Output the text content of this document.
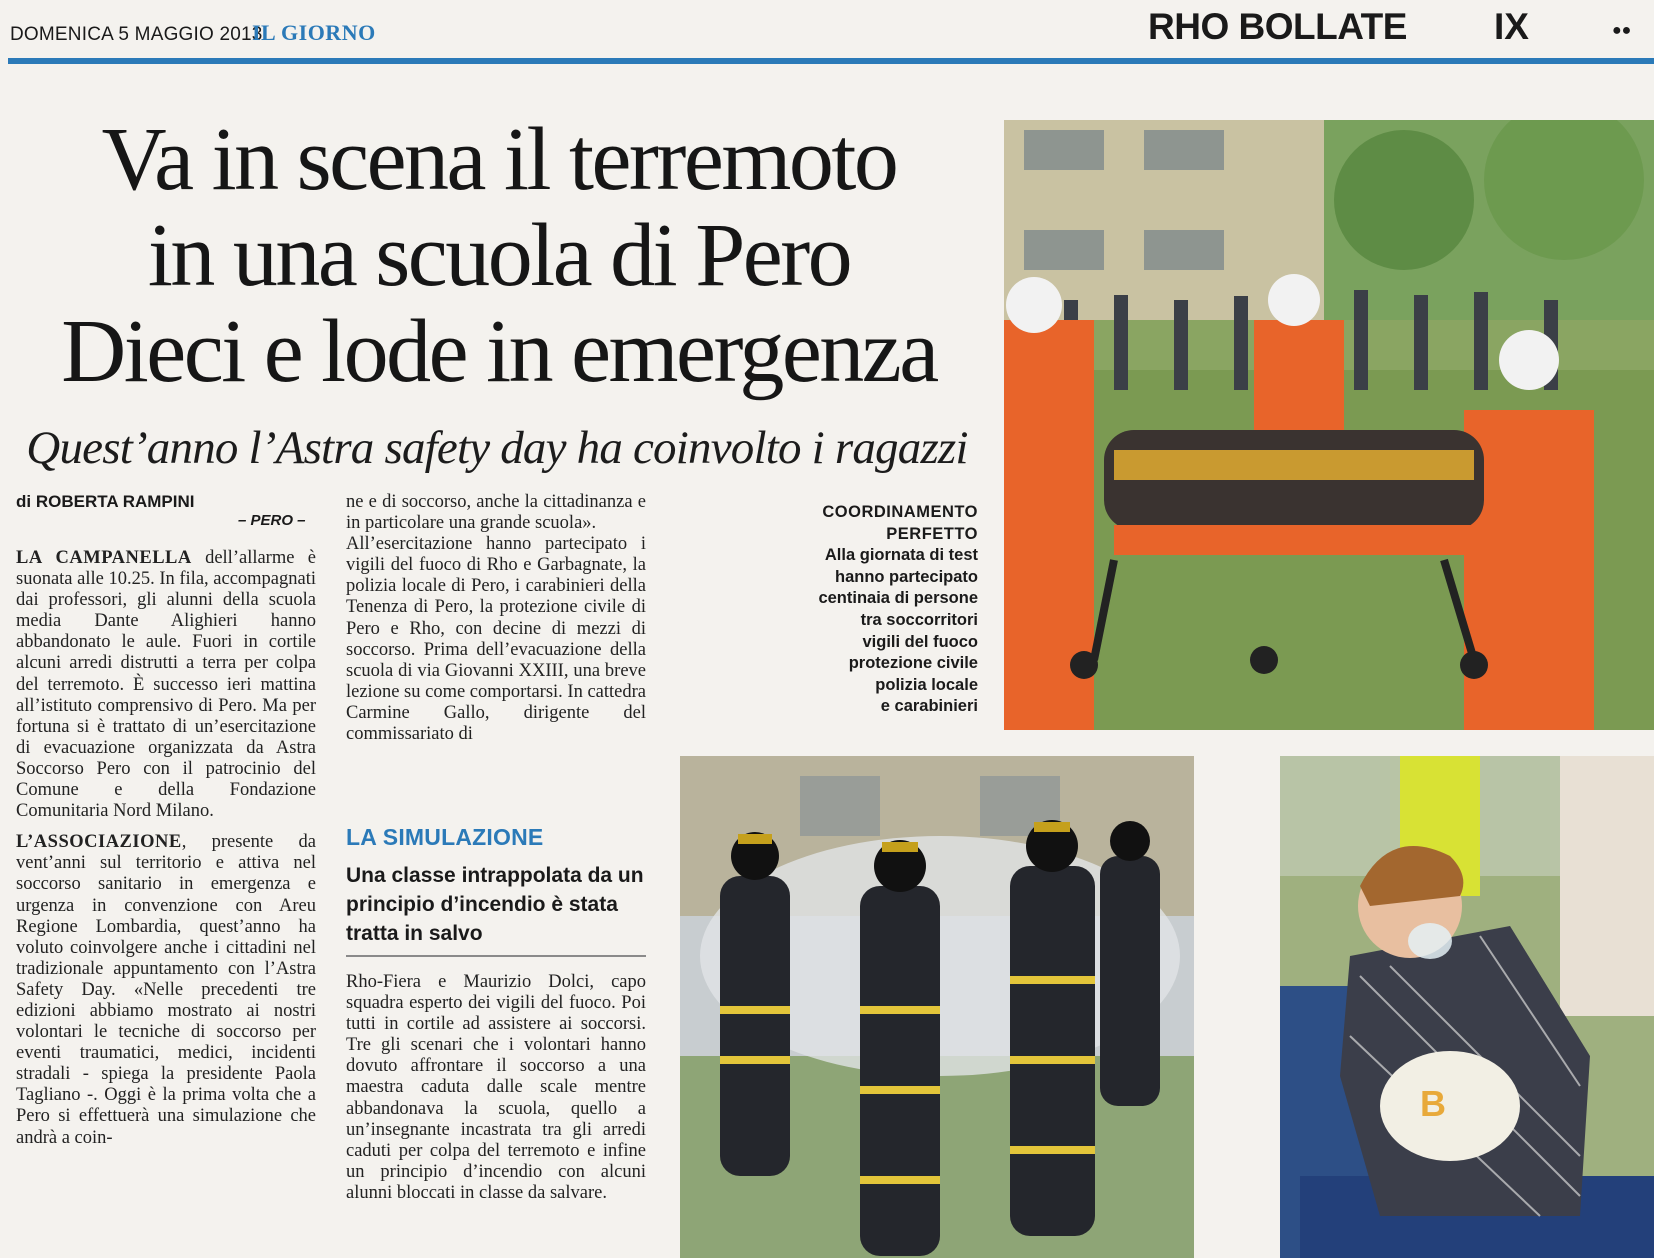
DOMENICA 5 MAGGIO 2013
IL GIORNO	RHO BOLLATE IX	●●
Va in scena il terremoto
in una scuola di Pero
Dieci e lode in emergenza
Quest’anno l’Astra safety day ha coinvolto i ragazzi
di ROBERTA RAMPINI
– PERO –

LA CAMPANELLA dell’allarme è suonata alle 10.25. In fila, accompagnati dai professori, gli alunni della scuola media Dante Alighieri hanno abbandonato le aule. Fuori in cortile alcuni arredi distrutti a terra per colpa del terremoto. È successo ieri mattina all’istituto comprensivo di Pero. Ma per fortuna si è trattato di un’esercitazione di evacuazione organizzata da Astra Soccorso Pero con il patrocinio del Comune e della Fondazione Comunitaria Nord Milano.

L’ASSOCIAZIONE, presente da vent’anni sul territorio e attiva nel soccorso sanitario in emergenza e urgenza in convenzione con Areu Regione Lombardia, quest’anno ha voluto coinvolgere anche i cittadini nel tradizionale appuntamento con l’Astra Safety Day. «Nelle precedenti tre edizioni abbiamo mostrato ai nostri volontari le tecniche di soccorso per eventi traumatici, medici, incidenti stradali - spiega la presidente Paola Tagliano -. Oggi è la prima volta che a Pero si effettuerà una simulazione che andrà a coin-

ne e di soccorso, anche la cittadinanza e in particolare una grande scuola».

All’esercitazione hanno partecipato i vigili del fuoco di Rho e Garbagnate, la polizia locale di Pero, i carabinieri della Tenenza di Pero, la protezione civile di Pero e Rho, con decine di mezzi di soccorso. Prima dell’evacuazione della scuola di via Giovanni XXIII, una breve lezione su come comportarsi. In cattedra Carmine Gallo, dirigente del commissariato di

LA SIMULAZIONE
Una classe intrappolata da un principio d’incendio è stata tratta in salvo

Rho-Fiera e Maurizio Dolci, capo squadra esperto dei vigili del fuoco. Poi tutti in cortile ad assistere ai soccorsi. Tre gli scenari che i volontari hanno dovuto affrontare il soccorso a una maestra caduta dalle scale mentre abbandonava la scuola, quello a un’insegnante incastrata tra gli arredi caduti per colpa del terremoto e infine un principio d’incendio con alcuni alunni bloccati in classe da salvare.

COORDINAMENTO
PERFETTO
Alla giornata di test
hanno partecipato
centinaia di persone
tra soccorritori
vigili del fuoco
protezione civile
polizia locale
e carabinieri
B
